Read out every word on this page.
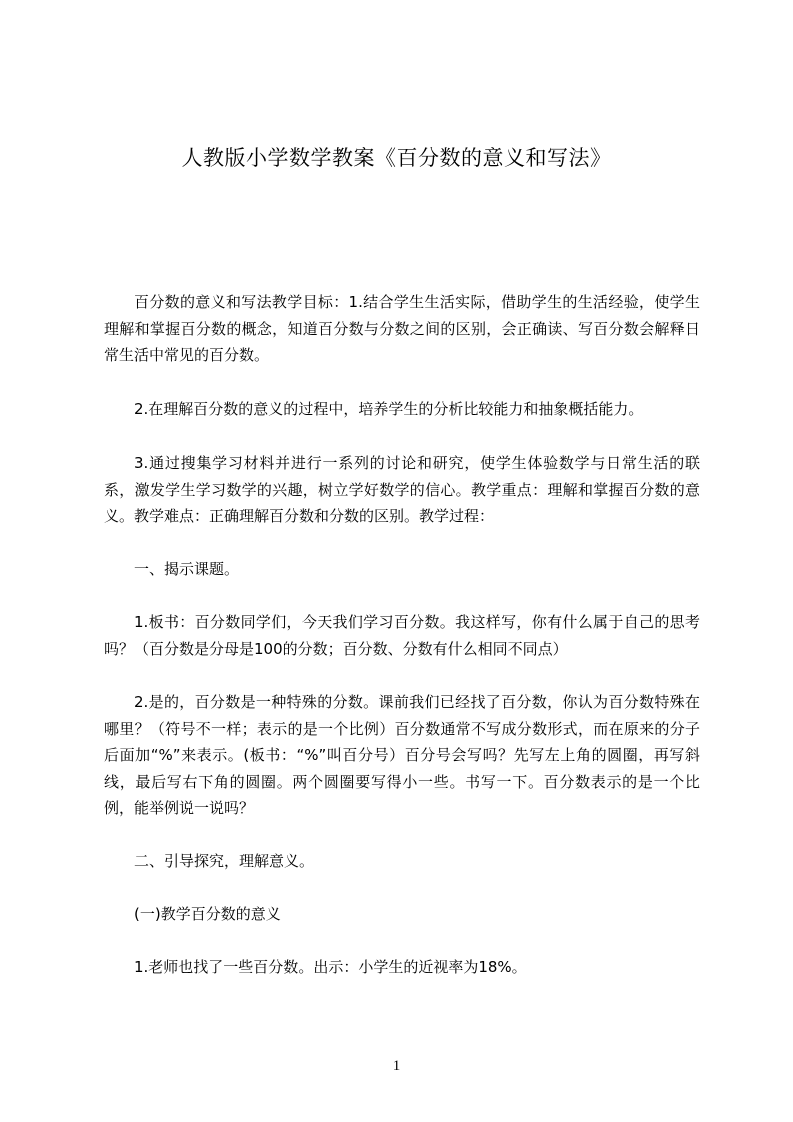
人教版小学数学教案《百分数的意义和写法》

百分数的意义和写法教学目标：1.结合学生生活实际，借助学生的生活经验，使学生理解和掌握百分数的概念，知道百分数与分数之间的区别，会正确读、写百分数会解释日常生活中常见的百分数。

2.在理解百分数的意义的过程中，培养学生的分析比较能力和抽象概括能力。

3.通过搜集学习材料并进行一系列的讨论和研究，使学生体验数学与日常生活的联系，激发学生学习数学的兴趣，树立学好数学的信心。教学重点：理解和掌握百分数的意义。教学难点：正确理解百分数和分数的区别。教学过程：

一、揭示课题。

1.板书：百分数同学们，今天我们学习百分数。我这样写，你有什么属于自己的思考吗？（百分数是分母是100的分数；百分数、分数有什么相同不同点）

2.是的，百分数是一种特殊的分数。课前我们已经找了百分数，你认为百分数特殊在哪里？（符号不一样；表示的是一个比例）百分数通常不写成分数形式，而在原来的分子后面加“%”来表示。(板书：“%”叫百分号）百分号会写吗？先写左上角的圆圈，再写斜线，最后写右下角的圆圈。两个圆圈要写得小一些。书写一下。百分数表示的是一个比例，能举例说一说吗？

二、引导探究，理解意义。

(一)教学百分数的意义

1.老师也找了一些百分数。出示：小学生的近视率为18%。

1
